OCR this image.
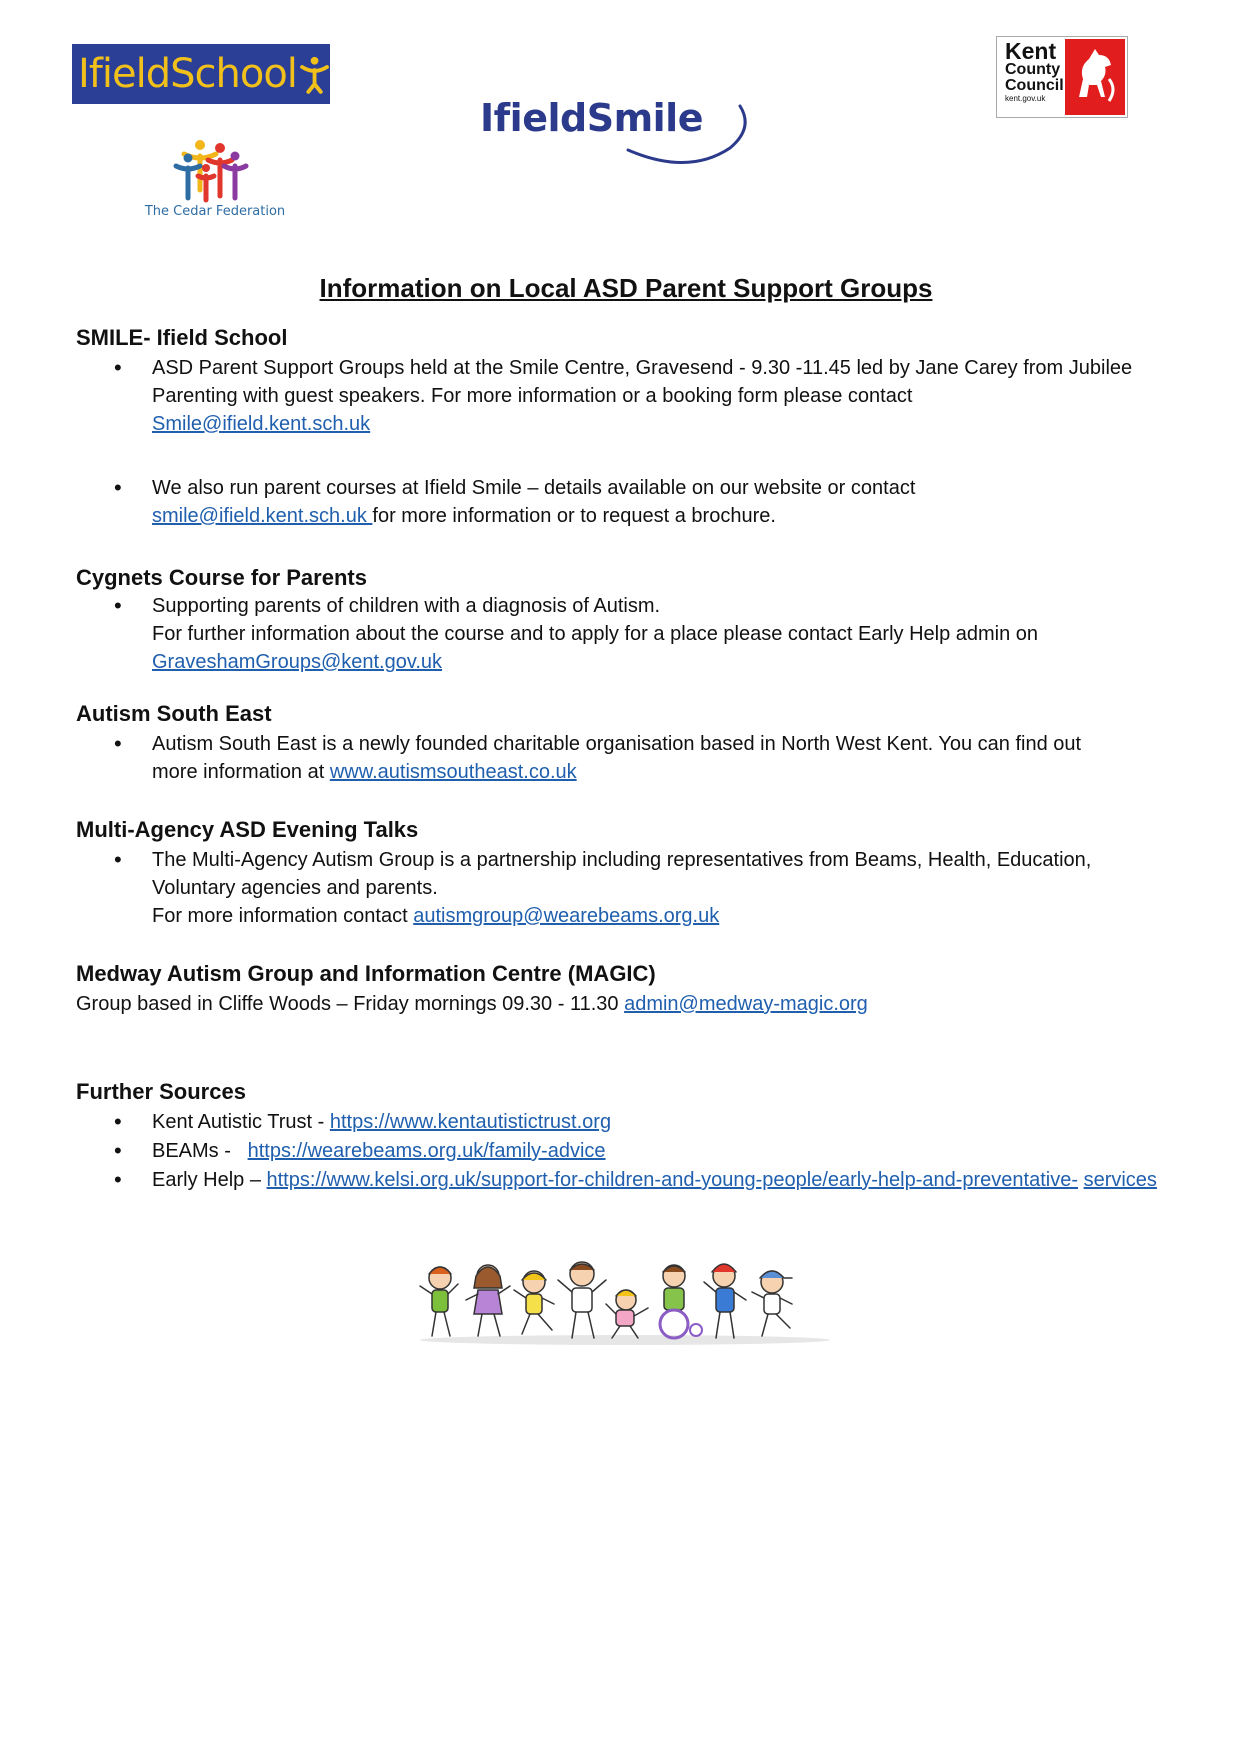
Ifield School
The Cedar Federation
IfieldSmile
Kent
County
Council
kent.gov.uk
Information on Local ASD Parent Support Groups
SMILE- Ifield School
• ASD Parent Support Groups held at the Smile Centre, Gravesend - 9.30 -11.45 led by Jane Carey from Jubilee
Parenting with guest speakers. For more information or a booking form please contact
Smile@ifield.kent.sch.uk
• We also run parent courses at Ifield Smile – details available on our website or contact
smile@ifield.kent.sch.uk for more information or to request a brochure.
Cygnets Course for Parents
• Supporting parents of children with a diagnosis of Autism.
For further information about the course and to apply for a place please contact Early Help admin on
GraveshamGroups@kent.gov.uk
Autism South East
• Autism South East is a newly founded charitable organisation based in North West Kent. You can find out
more information at www.autismsoutheast.co.uk
Multi-Agency ASD Evening Talks
• The Multi-Agency Autism Group is a partnership including representatives from Beams, Health, Education,
Voluntary agencies and parents.
For more information contact autismgroup@wearebeams.org.uk
Medway Autism Group and Information Centre (MAGIC)
Group based in Cliffe Woods – Friday mornings 09.30 - 11.30 admin@medway-magic.org
Further Sources
• Kent Autistic Trust - https://www.kentautistictrust.org
• BEAMs -   https://wearebeams.org.uk/family-advice
• Early Help – https://www.kelsi.org.uk/support-for-children-and-young-people/early-help-and-preventative- services
